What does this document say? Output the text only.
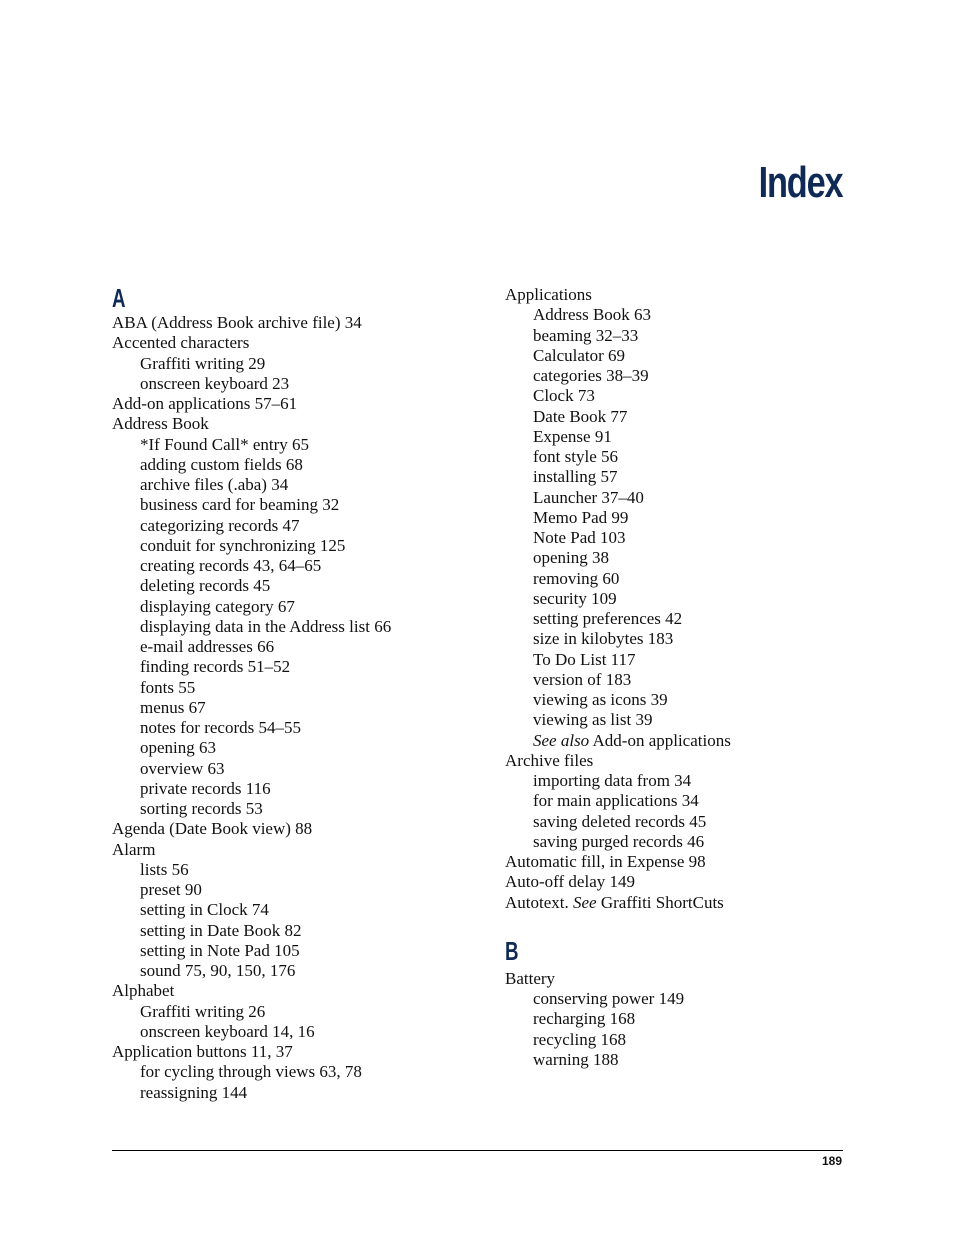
Index
A
ABA (Address Book archive file) 34
Accented characters
Graffiti writing 29
onscreen keyboard 23
Add-on applications 57–61
Address Book
*If Found Call* entry 65
adding custom fields 68
archive files (.aba) 34
business card for beaming 32
categorizing records 47
conduit for synchronizing 125
creating records 43, 64–65
deleting records 45
displaying category 67
displaying data in the Address list 66
e-mail addresses 66
finding records 51–52
fonts 55
menus 67
notes for records 54–55
opening 63
overview 63
private records 116
sorting records 53
Agenda (Date Book view) 88
Alarm
lists 56
preset 90
setting in Clock 74
setting in Date Book 82
setting in Note Pad 105
sound 75, 90, 150, 176
Alphabet
Graffiti writing 26
onscreen keyboard 14, 16
Application buttons 11, 37
for cycling through views 63, 78
reassigning 144
Applications
Address Book 63
beaming 32–33
Calculator 69
categories 38–39
Clock 73
Date Book 77
Expense 91
font style 56
installing 57
Launcher 37–40
Memo Pad 99
Note Pad 103
opening 38
removing 60
security 109
setting preferences 42
size in kilobytes 183
To Do List 117
version of 183
viewing as icons 39
viewing as list 39
See also Add-on applications
Archive files
importing data from 34
for main applications 34
saving deleted records 45
saving purged records 46
Automatic fill, in Expense 98
Auto-off delay 149
Autotext. See Graffiti ShortCuts
B
Battery
conserving power 149
recharging 168
recycling 168
warning 188
189
